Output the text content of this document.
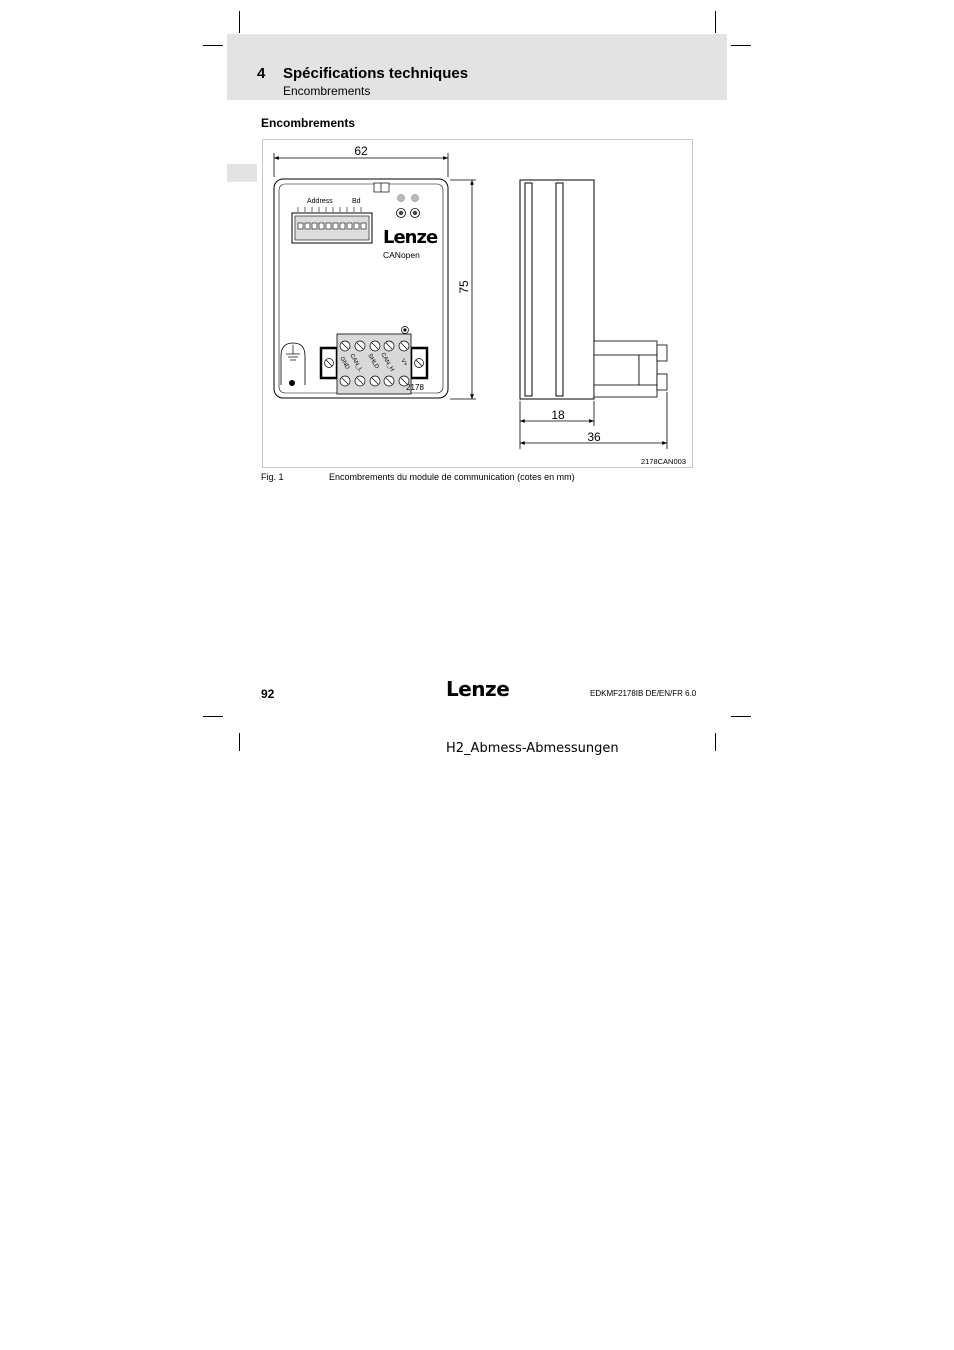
4 Spécifications techniques
Encombrements
Encombrements
62
75
Address	Bd
Lenze
CANopen
GND
CAN_L SHLD CAN_H V+
2178
18
36
2178CAN003
Fig. 1	Encombrements du module de communication (cotes en mm)
92	Lenze	EDKMF2178IB DE/EN/FR 6.0
H2_Abmess-Abmessungen
